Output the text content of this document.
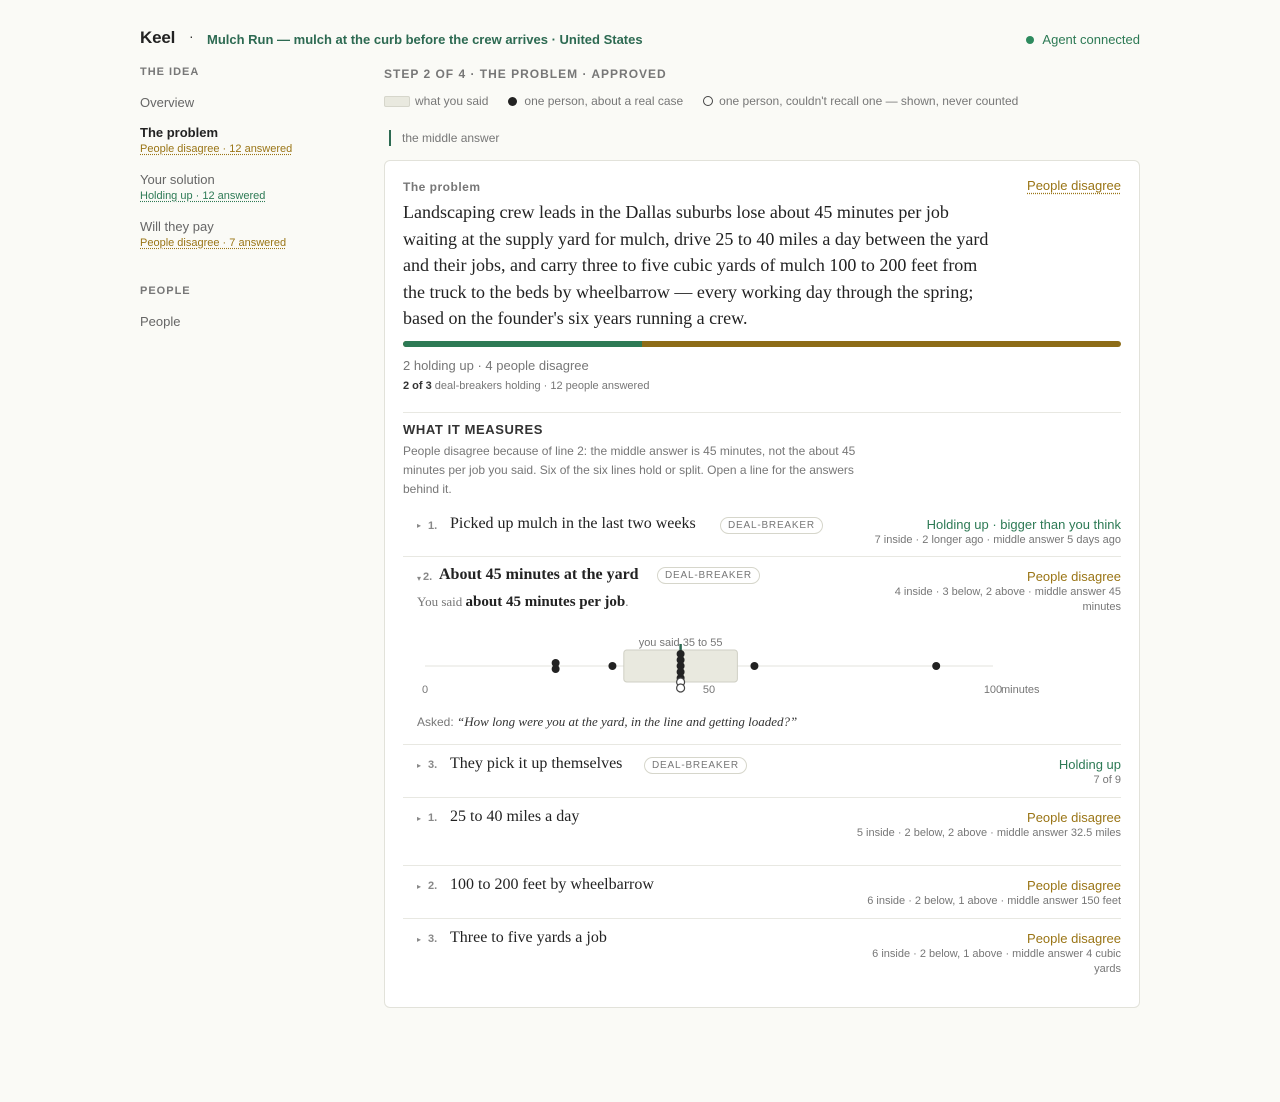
Keel · Mulch Run — mulch at the curb before the crew arrives · United States	Agent connected
THE IDEA
Overview
The problem
People disagree · 12 answered
Your solution
Holding up · 12 answered
Will they pay
People disagree · 7 answered
PEOPLE
People
STEP 2 OF 4 · THE PROBLEM · APPROVED
what you said	one person, about a real case	one person, couldn't recall one — shown, never counted
the middle answer
The problem	People disagree

Landscaping crew leads in the Dallas suburbs lose about 45 minutes per job waiting at the supply yard for mulch, drive 25 to 40 miles a day between the yard and their jobs, and carry three to five cubic yards of mulch 100 to 200 feet from the truck to the beds by wheelbarrow — every working day through the spring; based on the founder's six years running a crew.

2 holding up · 4 people disagree
2 of 3 deal-breakers holding · 12 people answered
WHAT IT MEASURES
People disagree because of line 2: the middle answer is 45 minutes, not the about 45 minutes per job you said. Six of the six lines hold or split. Open a line for the answers behind it.
▸ 1. Picked up mulch in the last two weeks	DEAL-BREAKER	Holding up · bigger than you think
7 inside · 2 longer ago · middle answer 5 days ago
▾ 2. About 45 minutes at the yard	DEAL-BREAKER	People disagree
4 inside · 3 below, 2 above · middle answer 45 minutes
You said about 45 minutes per job.
you said 35 to 55
0	50	100
minutes
Asked: “How long were you at the yard, in the line and getting loaded?”
▸ 3. They pick it up themselves	DEAL-BREAKER	Holding up
7 of 9
▸ 1. 25 to 40 miles a day	People disagree
5 inside · 2 below, 2 above · middle answer 32.5 miles
▸ 2. 100 to 200 feet by wheelbarrow	People disagree
6 inside · 2 below, 1 above · middle answer 150 feet
▸ 3. Three to five yards a job	People disagree
6 inside · 2 below, 1 above · middle answer 4 cubic yards
